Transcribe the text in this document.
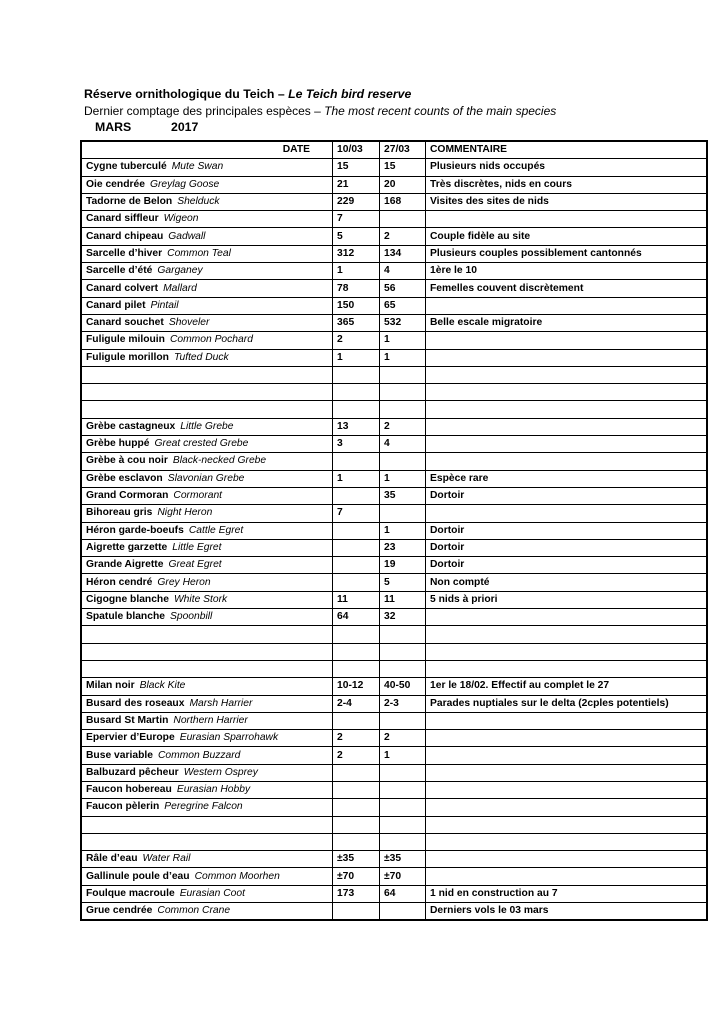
Réserve ornithologique du Teich – Le Teich bird reserve
Dernier comptage des principales espèces – The most recent counts of the main species
MARS	2017
DATE	10/03	27/03	COMMENTAIRE
Cygne tuberculé Mute Swan	15	15	Plusieurs nids occupés
Oie cendrée Greylag Goose	21	20	Très discrètes, nids en cours
Tadorne de Belon Shelduck	229	168	Visites des sites de nids
Canard siffleur Wigeon	7		
Canard chipeau Gadwall	5	2	Couple fidèle au site
Sarcelle d’hiver Common Teal	312	134	Plusieurs couples possiblement cantonnés
Sarcelle d’été Garganey	1	4	1ère le 10
Canard colvert Mallard	78	56	Femelles couvent discrètement
Canard pilet Pintail	150	65	
Canard souchet Shoveler	365	532	Belle escale migratoire
Fuligule milouin Common Pochard	2	1	
Fuligule morillon Tufted Duck	1	1	

Grèbe castagneux Little Grebe	13	2	
Grèbe huppé Great crested Grebe	3	4	
Grèbe à cou noir Black-necked Grebe			
Grèbe esclavon Slavonian Grebe	1	1	Espèce rare
Grand Cormoran Cormorant		35	Dortoir
Bihoreau gris Night Heron	7		
Héron garde-boeufs Cattle Egret		1	Dortoir
Aigrette garzette Little Egret		23	Dortoir
Grande Aigrette Great Egret		19	Dortoir
Héron cendré Grey Heron		5	Non compté
Cigogne blanche White Stork	11	11	5 nids à priori
Spatule blanche Spoonbill	64	32	

Milan noir Black Kite	10-12	40-50	1er le 18/02. Effectif au complet le 27
Busard des roseaux Marsh Harrier	2-4	2-3	Parades nuptiales sur le delta (2cples potentiels)
Busard St Martin Northern Harrier			
Epervier d’Europe Eurasian Sparrohawk	2	2	
Buse variable Common Buzzard	2	1	
Balbuzard pêcheur Western Osprey			
Faucon hobereau Eurasian Hobby			
Faucon pèlerin Peregrine Falcon			

Râle d’eau Water Rail	±35	±35	
Gallinule poule d’eau Common Moorhen	±70	±70	
Foulque macroule Eurasian Coot	173	64	1 nid en construction au 7
Grue cendrée Common Crane			Derniers vols le 03 mars
